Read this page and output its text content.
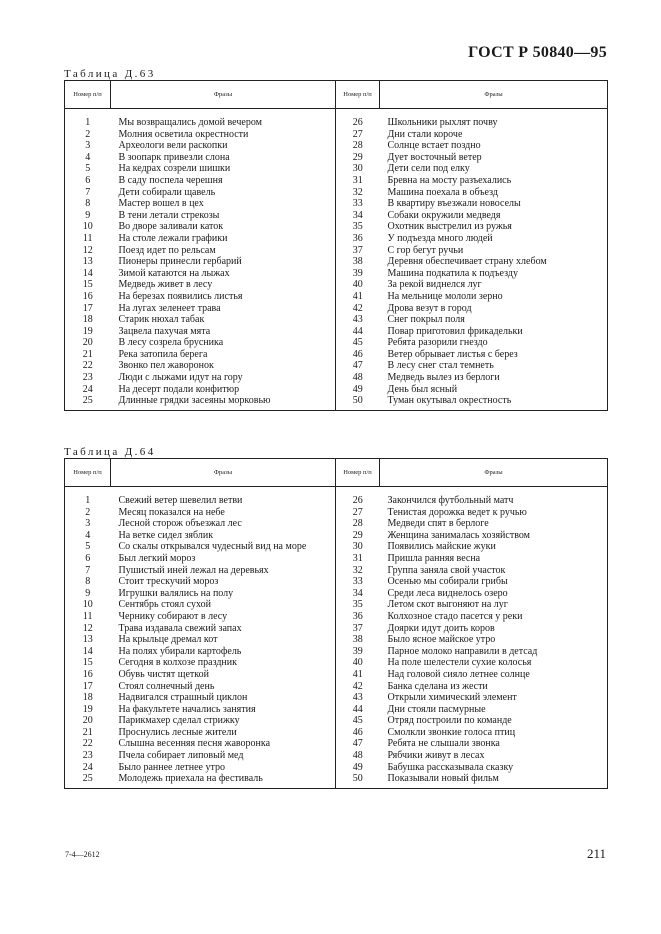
ГОСТ Р 50840—95
Таблица Д.63
Номер п/п	Фразы	Номер п/п	Фразы
1	Мы возвращались домой вечером	26	Школьники рыхлят почву
2	Молния осветила окрестности	27	Дни стали короче
3	Археологи вели раскопки	28	Солнце встает поздно
4	В зоопарк привезли слона	29	Дует восточный ветер
5	На кедрах созрели шишки	30	Дети сели под елку
6	В саду поспела черешня	31	Бревна на мосту разъехались
7	Дети собирали щавель	32	Машина поехала в объезд
8	Мастер вошел в цех	33	В квартиру въезжали новоселы
9	В тени летали стрекозы	34	Собаки окружили медведя
10	Во дворе заливали каток	35	Охотник выстрелил из ружья
11	На столе лежали графики	36	У подъезда много людей
12	Поезд идет по рельсам	37	С гор бегут ручьи
13	Пионеры принесли гербарий	38	Деревня обеспечивает страну хлебом
14	Зимой катаются на лыжах	39	Машина подкатила к подъезду
15	Медведь живет в лесу	40	За рекой виднелся луг
16	На березах появились листья	41	На мельнице мололи зерно
17	На лугах зеленеет трава	42	Дрова везут в город
18	Старик нюхал табак	43	Снег покрыл поля
19	Зацвела пахучая мята	44	Повар приготовил фрикадельки
20	В лесу созрела брусника	45	Ребята разорили гнездо
21	Река затопила берега	46	Ветер обрывает листья с берез
22	Звонко пел жаворонок	47	В лесу снег стал темнеть
23	Люди с лыжами идут на гору	48	Медведь вылез из берлоги
24	На десерт подали конфитюр	49	День был ясный
25	Длинные грядки засеяны морковью	50	Туман окутывал окрестность
Таблица Д.64
Номер п/п	Фразы	Номер п/п	Фразы
1	Свежий ветер шевелил ветви	26	Закончился футбольный матч
2	Месяц показался на небе	27	Тенистая дорожка ведет к ручью
3	Лесной сторож объезжал лес	28	Медведи спят в берлоге
4	На ветке сидел зяблик	29	Женщина занималась хозяйством
5	Со скалы открывался чудесный вид на море	30	Появились майские жуки
6	Был легкий мороз	31	Пришла ранняя весна
7	Пушистый иней лежал на деревьях	32	Группа заняла свой участок
8	Стоит трескучий мороз	33	Осенью мы собирали грибы
9	Игрушки валялись на полу	34	Среди леса виднелось озеро
10	Сентябрь стоял сухой	35	Летом скот выгоняют на луг
11	Чернику собирают в лесу	36	Колхозное стадо пасется у реки
12	Трава издавала свежий запах	37	Доярки идут доить коров
13	На крыльце дремал кот	38	Было ясное майское утро
14	На полях убирали картофель	39	Парное молоко направили в детсад
15	Сегодня в колхозе праздник	40	На поле шелестели сухие колосья
16	Обувь чистят щеткой	41	Над головой сияло летнее солнце
17	Стоял солнечный день	42	Банка сделана из жести
18	Надвигался страшный циклон	43	Открыли химический элемент
19	На факультете начались занятия	44	Дни стояли пасмурные
20	Парикмахер сделал стрижку	45	Отряд построили по команде
21	Проснулись лесные жители	46	Смолкли звонкие голоса птиц
22	Слышна весенняя песня жаворонка	47	Ребята не слышали звонка
23	Пчела собирает липовый мед	48	Рябчики живут в лесах
24	Было раннее летнее утро	49	Бабушка рассказывала сказку
25	Молодежь приехала на фестиваль	50	Показывали новый фильм
7-4—2612	211
